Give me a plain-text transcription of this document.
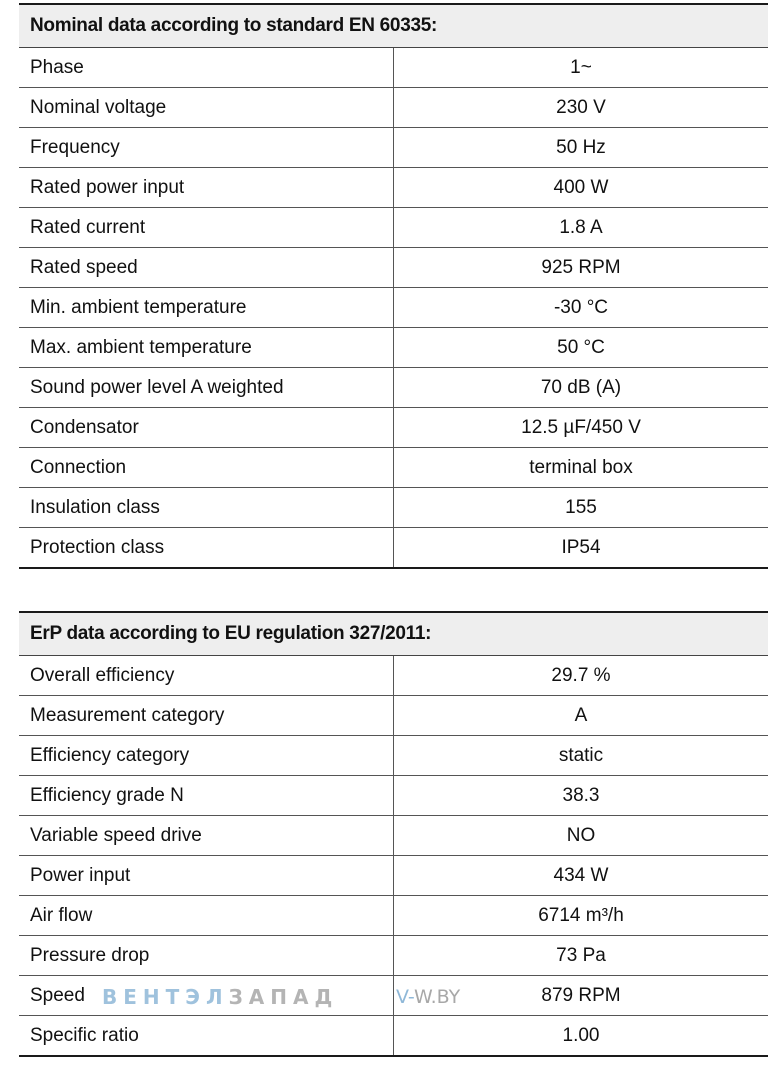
Nominal data according to standard EN 60335:	
Phase	1~
Nominal voltage	230 V
Frequency	50 Hz
Rated power input	400 W
Rated current	1.8 A
Rated speed	925 RPM
Min. ambient temperature	-30 °C
Max. ambient temperature	50 °C
Sound power level A weighted	70 dB (A)
Condensator	12.5 µF/450 V
Connection	terminal box
Insulation class	155
Protection class	IP54
ErP data according to EU regulation 327/2011:	
Overall efficiency	29.7 %
Measurement category	A
Efficiency category	static
Efficiency grade N	38.3
Variable speed drive	NO
Power input	434 W
Air flow	6714 m³/h
Pressure drop	73 Pa
Speed	879 RPM
Specific ratio	1.00
ВЕНТЭЛЗАПАД	V-W.BY
